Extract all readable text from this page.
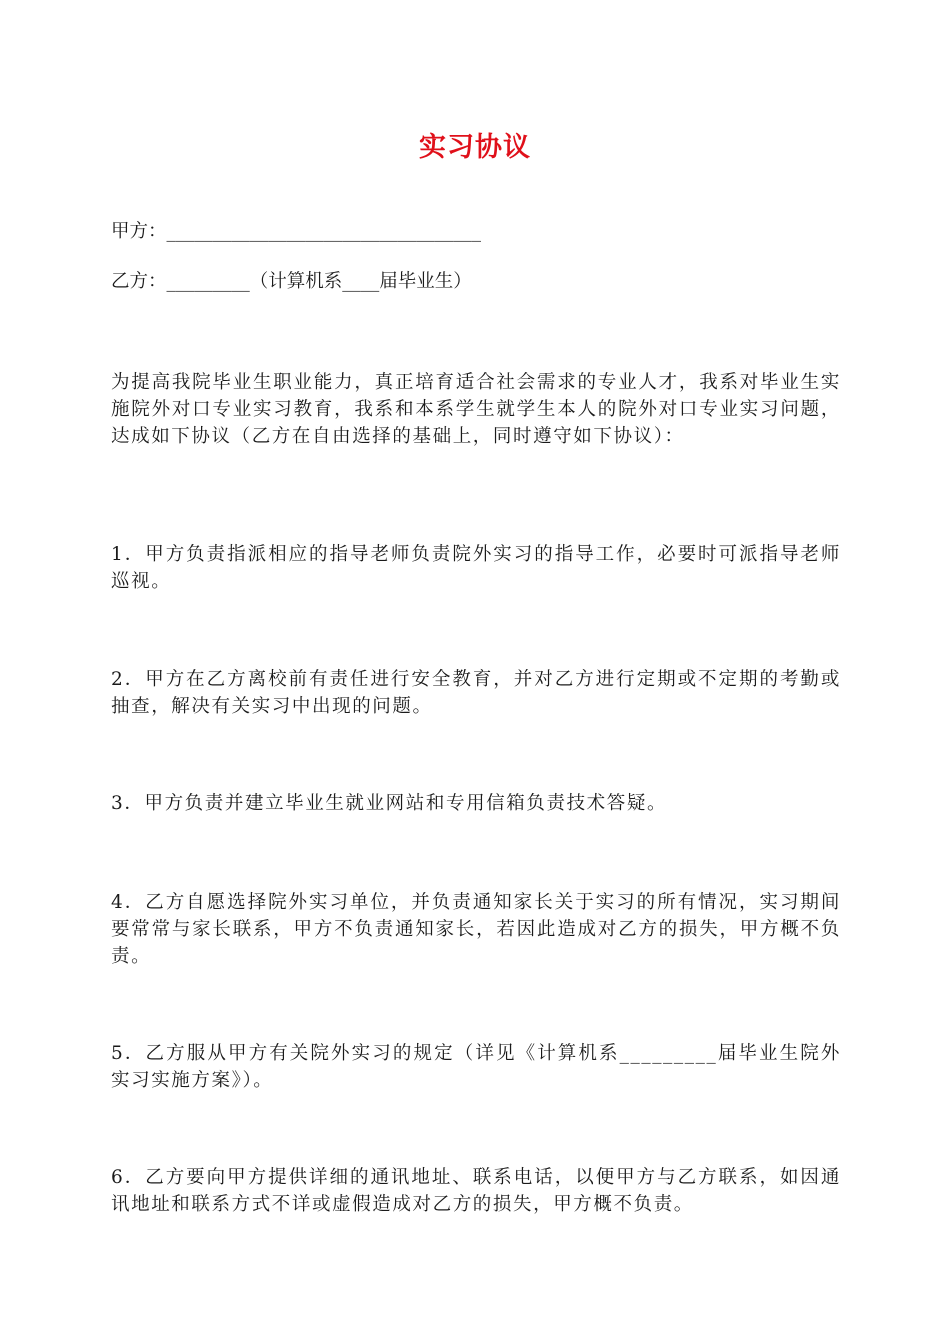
实习协议
甲方：__________________________________
乙方：_________（计算机系____届毕业生）

为提高我院毕业生职业能力，真正培育适合社会需求的专业人才，我系对毕业生实施院外对口专业实习教育，我系和本系学生就学生本人的院外对口专业实习问题，达成如下协议（乙方在自由选择的基础上，同时遵守如下协议）：

1．甲方负责指派相应的指导老师负责院外实习的指导工作，必要时可派指导老师巡视。

2．甲方在乙方离校前有责任进行安全教育，并对乙方进行定期或不定期的考勤或抽查，解决有关实习中出现的问题。

3．甲方负责并建立毕业生就业网站和专用信箱负责技术答疑。

4．乙方自愿选择院外实习单位，并负责通知家长关于实习的所有情况，实习期间要常常与家长联系，甲方不负责通知家长，若因此造成对乙方的损失，甲方概不负责。

5．乙方服从甲方有关院外实习的规定（详见《计算机系_________届毕业生院外实习实施方案》）。

6．乙方要向甲方提供详细的通讯地址、联系电话，以便甲方与乙方联系，如因通讯地址和联系方式不详或虚假造成对乙方的损失，甲方概不负责。
